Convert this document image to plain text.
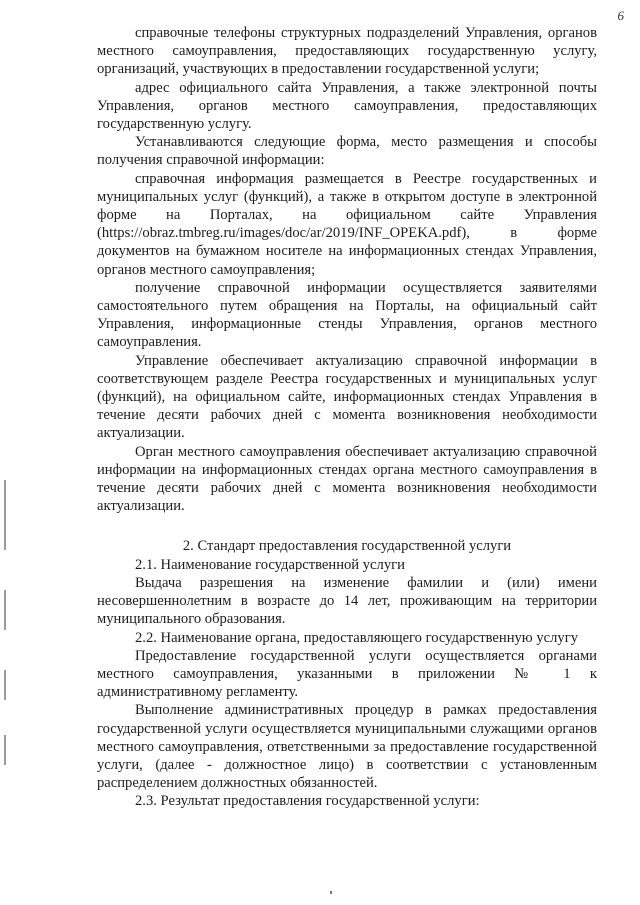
6

справочные телефоны структурных подразделений Управления, органов местного самоуправления, предоставляющих государственную услугу, организаций, участвующих в предоставлении государственной услуги;

адрес официального сайта Управления, а также электронной почты Управления, органов местного самоуправления, предоставляющих государственную услугу.

Устанавливаются следующие форма, место размещения и способы получения справочной информации:

справочная информация размещается в Реестре государственных и муниципальных услуг (функций), а также в открытом доступе в электронной форме на Порталах, на официальном сайте Управления (https://obraz.tmbreg.ru/images/doc/ar/2019/INF_OPEKA.pdf), в форме документов на бумажном носителе на информационных стендах Управления, органов местного самоуправления;

получение справочной информации осуществляется заявителями самостоятельного путем обращения на Порталы, на официальный сайт Управления, информационные стенды Управления, органов местного самоуправления.

Управление обеспечивает актуализацию справочной информации в соответствующем разделе Реестра государственных и муниципальных услуг (функций), на официальном сайте, информационных стендах Управления в течение десяти рабочих дней с момента возникновения необходимости актуализации.

Орган местного самоуправления обеспечивает актуализацию справочной информации на информационных стендах органа местного самоуправления в течение десяти рабочих дней с момента возникновения необходимости актуализации.

2. Стандарт предоставления государственной услуги

2.1. Наименование государственной услуги

Выдача разрешения на изменение фамилии и (или) имени несовершеннолетним в возрасте до 14 лет, проживающим на территории муниципального образования.

2.2. Наименование органа, предоставляющего государственную услугу

Предоставление государственной услуги осуществляется органами местного самоуправления, указанными в приложении № 1 к административному регламенту.

Выполнение административных процедур в рамках предоставления государственной услуги осуществляется муниципальными служащими органов местного самоуправления, ответственными за предоставление государственной услуги, (далее - должностное лицо) в соответствии с установленным распределением должностных обязанностей.

2.3. Результат предоставления государственной услуги:
